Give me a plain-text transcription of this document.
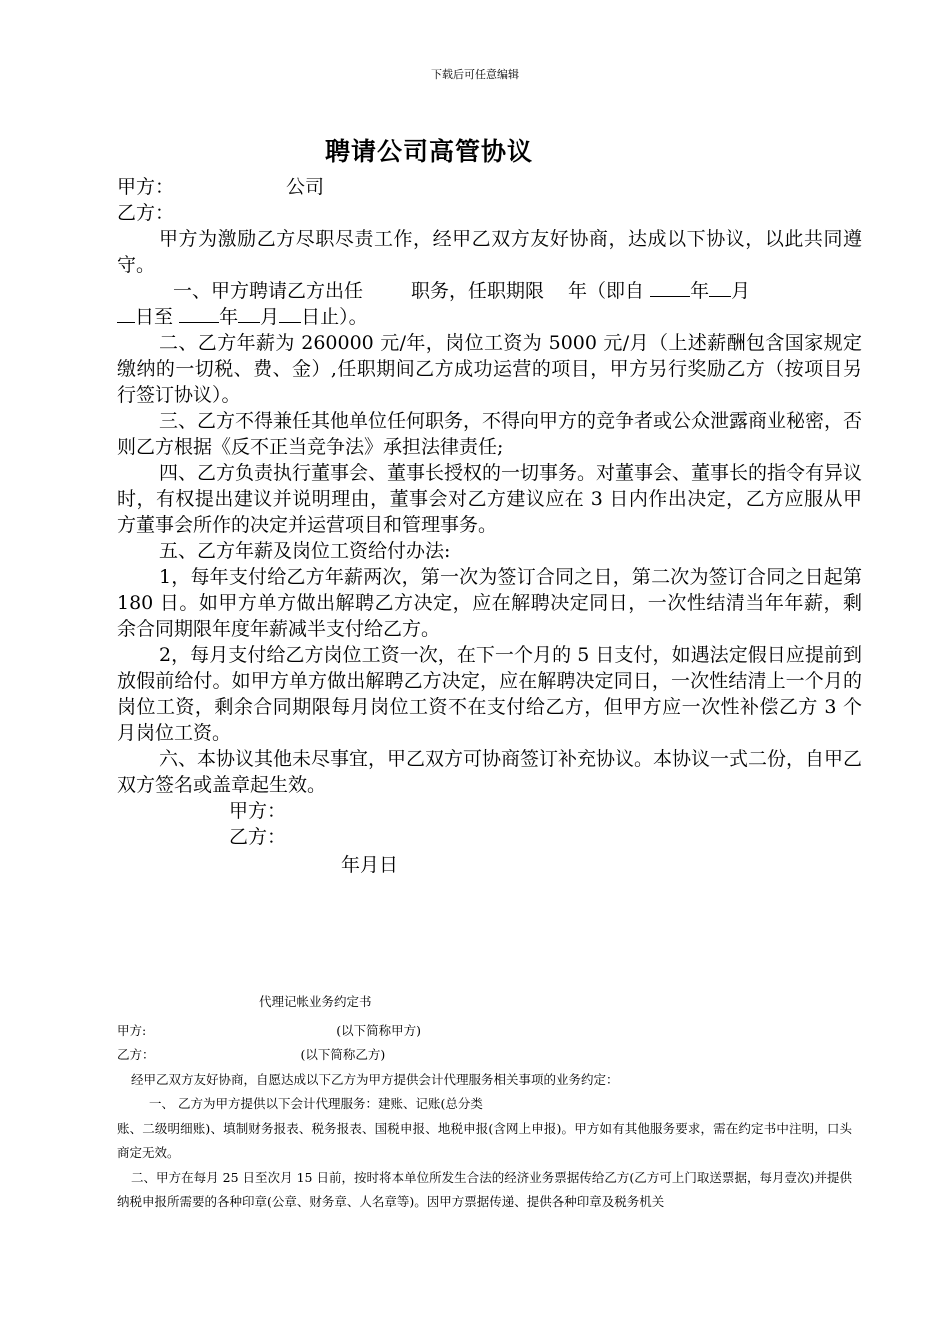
下载后可任意编辑
聘请公司高管协议

甲方：	公司

乙方：

甲方为激励乙方尽职尽责工作，经甲乙双方友好协商，达成以下协议，以此共同遵守。

一、甲方聘请乙方出任	职务，任职期限 年（即自 年 月

日至 年 月 日止）。

二、乙方年薪为 260000 元/年，岗位工资为 5000 元/月（上述薪酬包含国家规定缴纳的一切税、费、金）,任职期间乙方成功运营的项目，甲方另行奖励乙方（按项目另行签订协议）。

三、乙方不得兼任其他单位任何职务，不得向甲方的竞争者或公众泄露商业秘密，否则乙方根据《反不正当竞争法》承担法律责任;

四、乙方负责执行董事会、董事长授权的一切事务。对董事会、董事长的指令有异议时，有权提出建议并说明理由，董事会对乙方建议应在 3 日内作出决定，乙方应服从甲方董事会所作的决定并运营项目和管理事务。

五、乙方年薪及岗位工资给付办法:

1，每年支付给乙方年薪两次，第一次为签订合同之日，第二次为签订合同之日起第 180 日。如甲方单方做出解聘乙方决定，应在解聘决定同日，一次性结清当年年薪，剩余合同期限年度年薪减半支付给乙方。

2，每月支付给乙方岗位工资一次，在下一个月的 5 日支付，如遇法定假日应提前到放假前给付。如甲方单方做出解聘乙方决定，应在解聘决定同日，一次性结清上一个月的岗位工资，剩余合同期限每月岗位工资不在支付给乙方，但甲方应一次性补偿乙方 3 个月岗位工资。

六、本协议其他未尽事宜，甲乙双方可协商签订补充协议。本协议一式二份，自甲乙双方签名或盖章起生效。

甲方：

乙方：

年月日

代理记帐业务约定书

甲方:	(以下简称甲方)

乙方：	(以下简称乙方)

经甲乙双方友好协商，自愿达成以下乙方为甲方提供会计代理服务相关事项的业务约定：

一、 乙方为甲方提供以下会计代理服务：建账、记账(总分类

账、二级明细账)、填制财务报表、税务报表、国税申报、地税申报(含网上申报)。甲方如有其他服务要求，需在约定书中注明，口头商定无效。

二、甲方在每月 25 日至次月 15 日前，按时将本单位所发生合法的经济业务票据传给乙方(乙方可上门取送票据，每月壹次)并提供纳税申报所需要的各种印章(公章、财务章、人名章等)。因甲方票据传递、提供各种印章及税务机关
